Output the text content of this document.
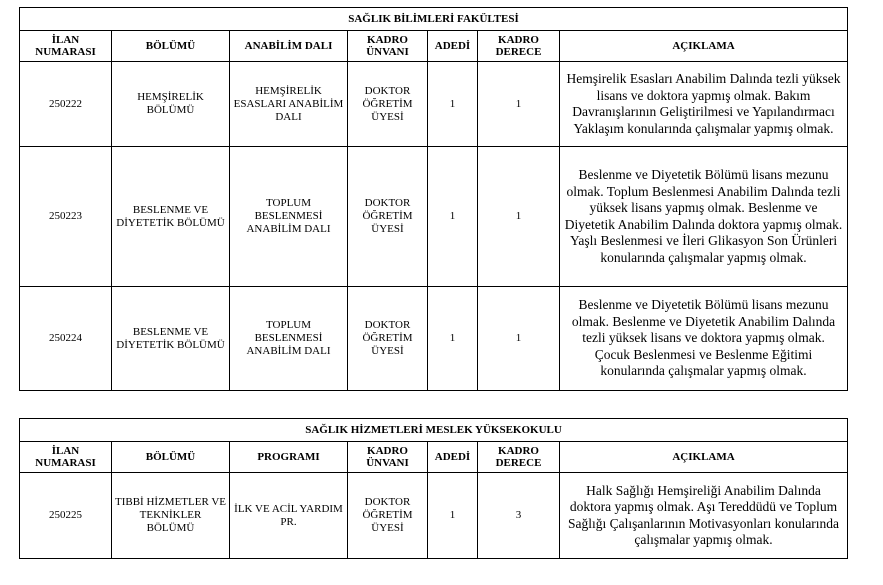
SAĞLIK BİLİMLERİ FAKÜLTESİ						
İLAN NUMARASI	BÖLÜMÜ	ANABİLİM DALI	KADRO ÜNVANI	ADEDİ	KADRO DERECE	AÇIKLAMA
250222	HEMŞİRELİK BÖLÜMÜ	HEMŞİRELİK ESASLARI ANABİLİM DALI	DOKTOR ÖĞRETİM ÜYESİ	1	1	Hemşirelik Esasları Anabilim Dalında tezli yüksek lisans ve doktora yapmış olmak. Bakım Davranışlarının Geliştirilmesi ve Yapılandırmacı Yaklaşım konularında çalışmalar yapmış olmak.
250223	BESLENME VE DİYETETİK BÖLÜMÜ	TOPLUM BESLENMESİ ANABİLİM DALI	DOKTOR ÖĞRETİM ÜYESİ	1	1	Beslenme ve Diyetetik Bölümü lisans mezunu olmak. Toplum Beslenmesi Anabilim Dalında tezli yüksek lisans yapmış olmak. Beslenme ve Diyetetik Anabilim Dalında doktora yapmış olmak. Yaşlı Beslenmesi ve İleri Glikasyon Son Ürünleri konularında çalışmalar yapmış olmak.
250224	BESLENME VE DİYETETİK BÖLÜMÜ	TOPLUM BESLENMESİ ANABİLİM DALI	DOKTOR ÖĞRETİM ÜYESİ	1	1	Beslenme ve Diyetetik Bölümü lisans mezunu olmak. Beslenme ve Diyetetik Anabilim Dalında tezli yüksek lisans ve doktora yapmış olmak. Çocuk Beslenmesi ve Beslenme Eğitimi konularında çalışmalar yapmış olmak.
SAĞLIK HİZMETLERİ MESLEK YÜKSEKOKULU						
İLAN NUMARASI	BÖLÜMÜ	PROGRAMI	KADRO ÜNVANI	ADEDİ	KADRO DERECE	AÇIKLAMA
250225	TIBBİ HİZMETLER VE TEKNİKLER BÖLÜMÜ	İLK VE ACİL YARDIM PR.	DOKTOR ÖĞRETİM ÜYESİ	1	3	Halk Sağlığı Hemşireliği Anabilim Dalında doktora yapmış olmak. Aşı Tereddüdü ve Toplum Sağlığı Çalışanlarının Motivasyonları konularında çalışmalar yapmış olmak.
